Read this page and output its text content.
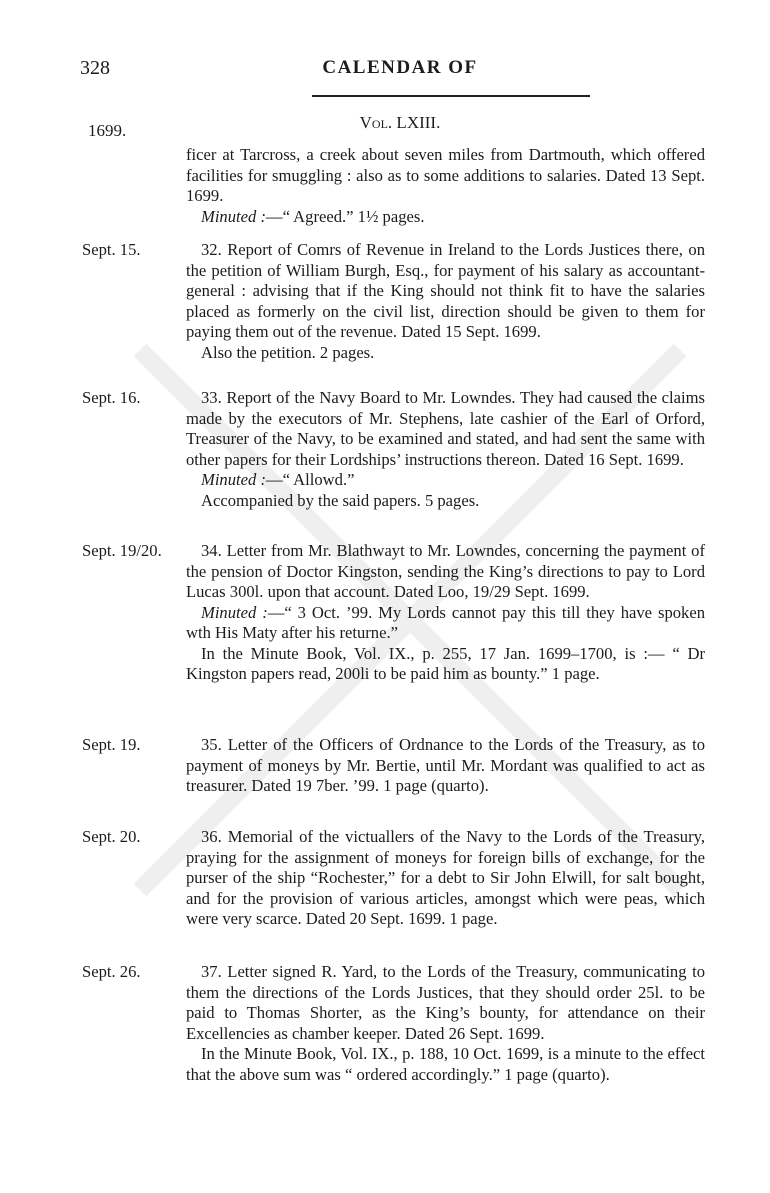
328	CALENDAR OF
Vol. LXIII.
1699.

ficer at Tarcross, a creek about seven miles from Dartmouth, which offered facilities for smuggling : also as to some additions to salaries. Dated 13 Sept. 1699.

Minuted :—“ Agreed.” 1½ pages.

Sept. 15.	32. Report of Comrs of Revenue in Ireland to the Lords Justices there, on the petition of William Burgh, Esq., for payment of his salary as accountant-general : advising that if the King should not think fit to have the salaries placed as formerly on the civil list, direction should be given to them for paying them out of the revenue. Dated 15 Sept. 1699.

Also the petition. 2 pages.

Sept. 16.	33. Report of the Navy Board to Mr. Lowndes. They had caused the claims made by the executors of Mr. Stephens, late cashier of the Earl of Orford, Treasurer of the Navy, to be examined and stated, and had sent the same with other papers for their Lordships’ instructions thereon. Dated 16 Sept. 1699.

Minuted :—“ Allowd.”

Accompanied by the said papers. 5 pages.

Sept. 19/20.	34. Letter from Mr. Blathwayt to Mr. Lowndes, concerning the payment of the pension of Doctor Kingston, sending the King’s directions to pay to Lord Lucas 300l. upon that account. Dated Loo, 19/29 Sept. 1699.

Minuted :—“ 3 Oct. ’99. My Lords cannot pay this till they have spoken wth His Maty after his returne.”

In the Minute Book, Vol. IX., p. 255, 17 Jan. 1699–1700, is :— “ Dr Kingston papers read, 200li to be paid him as bounty.” 1 page.

Sept. 19.	35. Letter of the Officers of Ordnance to the Lords of the Treasury, as to payment of moneys by Mr. Bertie, until Mr. Mordant was qualified to act as treasurer. Dated 19 7ber. ’99. 1 page (quarto).

Sept. 20.	36. Memorial of the victuallers of the Navy to the Lords of the Treasury, praying for the assignment of moneys for foreign bills of exchange, for the purser of the ship “Rochester,” for a debt to Sir John Elwill, for salt bought, and for the provision of various articles, amongst which were peas, which were very scarce. Dated 20 Sept. 1699. 1 page.

Sept. 26.	37. Letter signed R. Yard, to the Lords of the Treasury, communicating to them the directions of the Lords Justices, that they should order 25l. to be paid to Thomas Shorter, as the King’s bounty, for attendance on their Excellencies as chamber keeper. Dated 26 Sept. 1699.

In the Minute Book, Vol. IX., p. 188, 10 Oct. 1699, is a minute to the effect that the above sum was “ ordered accordingly.” 1 page (quarto).
